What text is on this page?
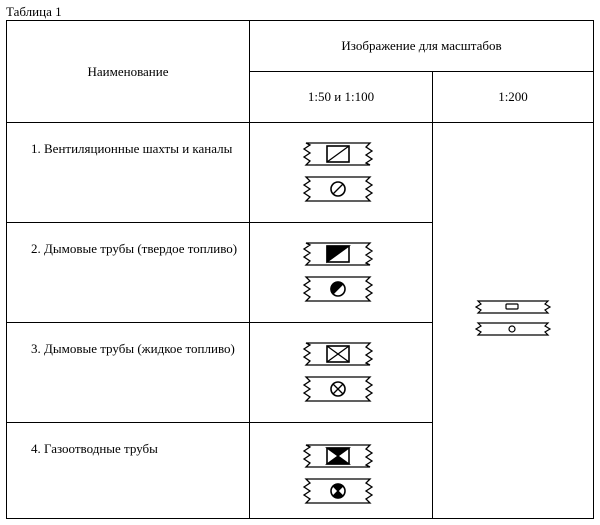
Таблица 1
Наименование	Изображение для масштабов	
	1:50 и 1:100	1:200

1. Вентиляционные шахты и каналы

2. Дымовые трубы (твердое топливо)

3. Дымовые трубы (жидкое топливо)

4. Газоотводные трубы
